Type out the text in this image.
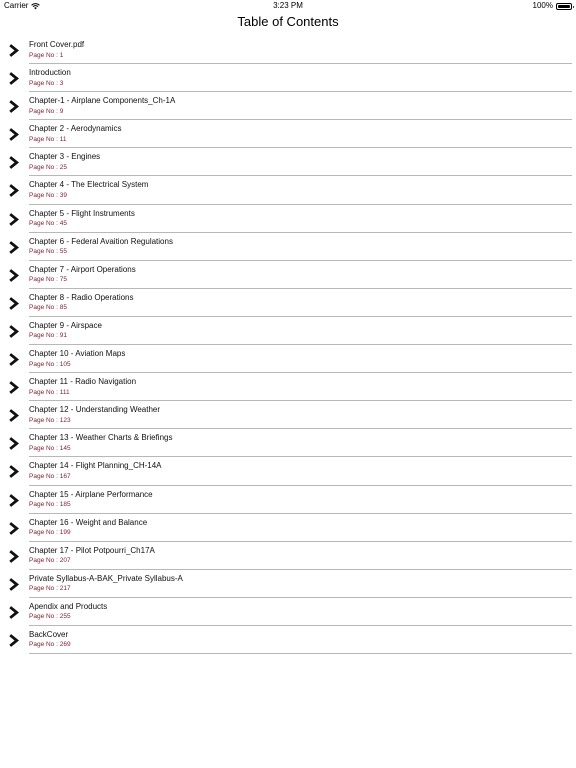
Carrier	3:23 PM	100%
Table of Contents
Front Cover.pdf
Page No : 1
Introduction
Page No : 3
Chapter-1 - Airplane Components_Ch-1A
Page No : 9
Chapter 2 - Aerodynamics
Page No : 11
Chapter 3 - Engines
Page No : 25
Chapter 4 - The Electrical System
Page No : 39
Chapter 5 - Flight Instruments
Page No : 45
Chapter 6 - Federal Avaition Regulations
Page No : 55
Chapter 7 - Airport Operations
Page No : 75
Chapter 8 - Radio Operations
Page No : 85
Chapter 9 - Airspace
Page No : 91
Chapter 10 - Aviation Maps
Page No : 105
Chapter 11 - Radio Navigation
Page No : 111
Chapter 12 - Understanding Weather
Page No : 123
Chapter 13 - Weather Charts & Briefings
Page No : 145
Chapter 14 - Flight Planning_CH-14A
Page No : 167
Chapter 15 - Airplane Performance
Page No : 185
Chapter 16 - Weight and Balance
Page No : 199
Chapter 17 - Pilot Potpourri_Ch17A
Page No : 207
Private Syllabus-A-BAK_Private Syllabus-A
Page No : 217
Apendix and Products
Page No : 255
BackCover
Page No : 269
